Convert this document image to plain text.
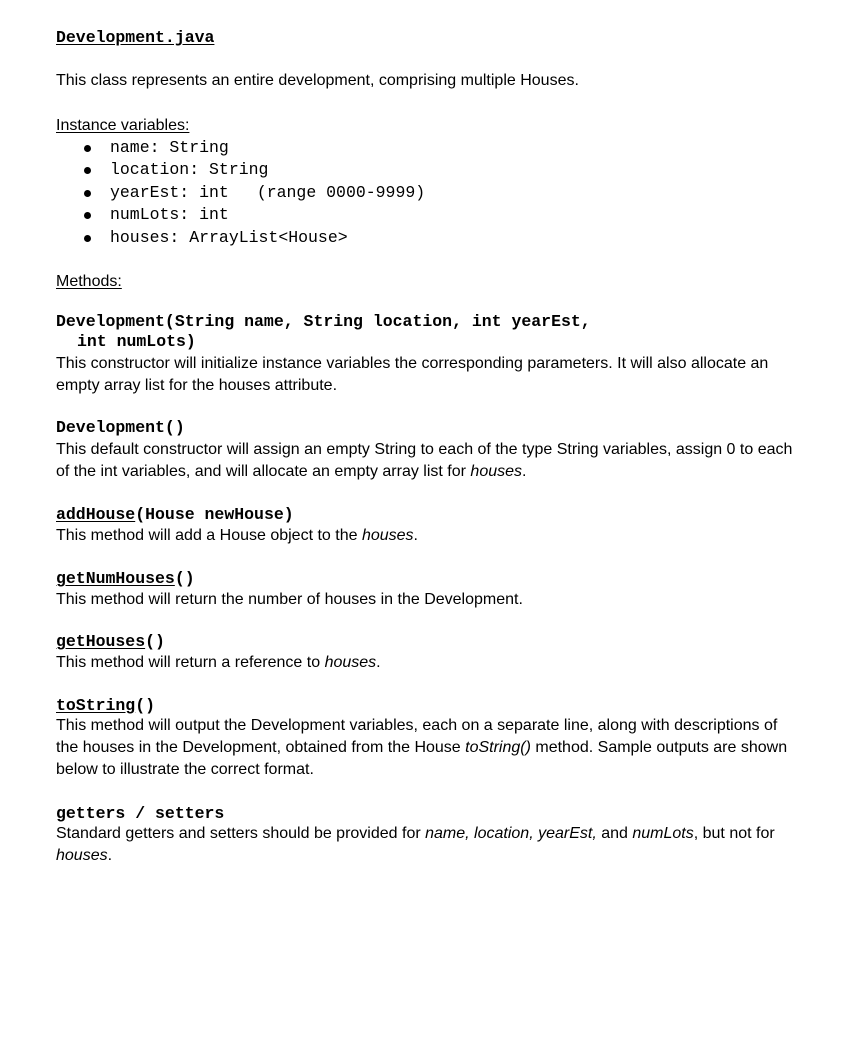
Development.java
This class represents an entire development, comprising multiple Houses.
Instance variables:
name: String
location: String
yearEst: int (range 0000-9999)
numLots: int
houses: ArrayList<House>
Methods:
Development(String name, String location, int yearEst,
int numLots)
This constructor will initialize instance variables the corresponding parameters. It will also allocate an
empty array list for the houses attribute.
Development()
This default constructor will assign an empty String to each of the type String variables, assign 0 to each
of the int variables, and will allocate an empty array list for houses.
addHouse(House newHouse)
This method will add a House object to the houses.
getNumHouses()
This method will return the number of houses in the Development.
getHouses()
This method will return a reference to houses.
toString()
This method will output the Development variables, each on a separate line, along with descriptions of
the houses in the Development, obtained from the House toString() method. Sample outputs are shown
below to illustrate the correct format.
getters / setters
Standard getters and setters should be provided for name, location, yearEst, and numLots, but not for
houses.
